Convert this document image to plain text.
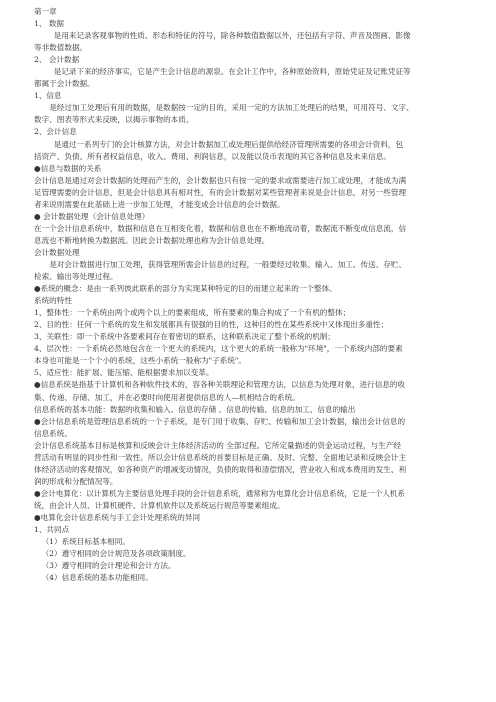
第一章

1、 数据

是用来记录客观事物的性质、形态和特征的符号，除各种数值数据以外，还包括有字符、声音及图画、影像

等非数值数据。

2、 会计数据

是记录下来的经济事实，它是产生会计信息的源泉。在会计工作中，各种原始资料，原始凭证及记账凭证等

都属于会计数据。

1、信息

是经过加工处理后有用的数据，是数据按一定的目的，采用一定的方法加工处理后的结果，可用符号、文字、

数字、图表等形式来反映，以揭示事物的本质。

2、会计信息

是通过一系列专门的会计核算方法，对会计数据加工或处理后提供给经济管理所需要的各项会计资料，包

括资产、负债、所有者权益信息，收入、费用、利润信息，以及能以货币表现的其它各种信息及未来信息。

●信息与数据的关系

会计信息是通过对会计数据的处理而产生的，会计数据也只有按一定的要求或需要进行加工或处理，才能成为满

足管理需要的会计信息，但是会计信息具有相对性，有的会计数据对某些管理者来说是会计信息，对另一些管理

者来说则需要在此基础上进一步加工处理，才能变成会计信息的会计数据。

● 会计数据处理（会计信息处理）

在一个会计信息系统中，数据和信息在互相变化着，数据和信息也在不断地流动着，数据流不断变成信息流，信

息流也不断地转换为数据流。因此会计数据处理也称为会计信息处理。

会计数据处理

是对会计数据进行加工处理，获得管理所需会计信息的过程，一般要经过收集、输入、加工、传送、存贮、

检索、输出等处理过程。

●系统的概念：是由一系列彼此联系的部分为实现某种特定的目的而建立起来的一个整体。

系统的特性

1、整体性：一个系统由两个或两个以上的要素组成，所有要素的集合构成了一个有机的整体；

2、目的性：任何一个系统的发生和发展都具有很强的目的性，这种目的性在某些系统中又体现出多重性；

3、关联性：即一个系统中各要素间存在着密切的联系，这种联系决定了整个系统的机制；

4、层次性：一个系统必然地包含在一个更大的系统内，这个更大的系统一般称为"环境"，一个系统内部的要素

本身也可能是一个个小的系统，这些小系统一般称为"子系统"。

5、适应性：能扩展、能压缩、能根据要求加以变革。

●信息系统是指基于计算机和各种软件技术的，容各种关联理论和管理方法，以信息为处理对象，进行信息的收

集、传递、存储、加工，并在必要时向使用者提供信息的人—机相结合的系统。

信息系统的基本功能：数据的收集和输入、信息的存储 、信息的传输、信息的加工、信息的输出

●会计信息系统是管理信息系统的一个子系统，是专门用于收集、存贮、传输和加工会计数据，输出会计信息的

信息系统。

会计信息系统基本目标是核算和反映会计主体经济活动的 全部过程。它所定量描述的资金运动过程，与生产经

营活动有明显的同步性和一致性。所以会计信息系统的首要目标是正确、及时、完整、全面地记录和反映会计主

体经济活动的客观情况，如各种资产的增减变动情况，负债的取得和清偿情况，营业收入和成本费用的发生、利

润的形成和分配情况等。

●会计电算化：以计算机为主要信息处理手段的会计信息系统，通常称为电算化会计信息系统，它是一个人机系

统，由会计人员、计算机硬件、计算机软件以及系统运行规范等要素组成。

●电算化会计信息系统与手工会计处理系统的异同

1、共同点

（1）系统目标基本相同。

（2）遵守相同的会计规范及各项政策制度。

（3）遵守相同的会计理论和会计方法。

（4）信息系统的基本功能相同。
